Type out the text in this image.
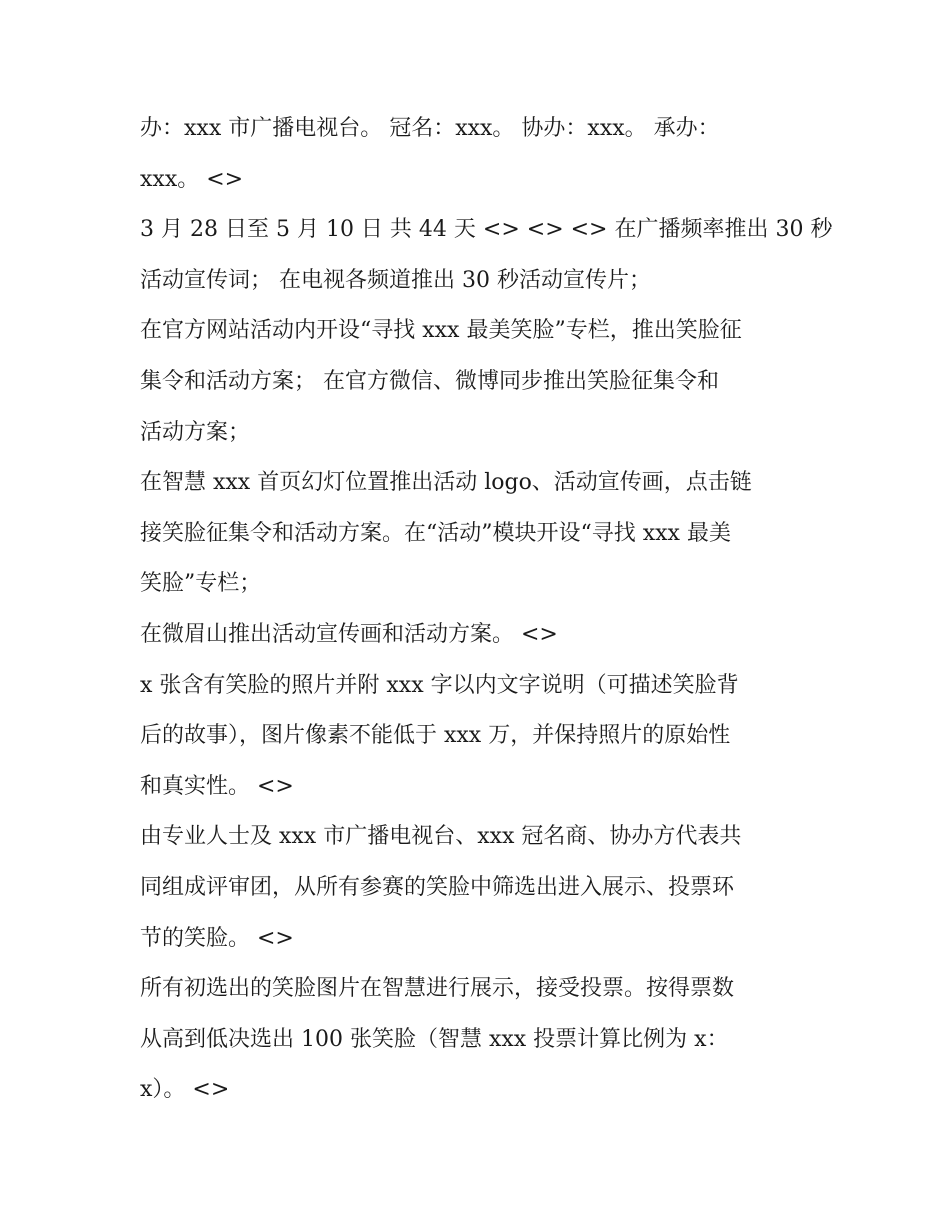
办：xxx 市广播电视台。 冠名：xxx。 协办：xxx。 承办：
xxx。 <>
3 月 28 日至 5 月 10 日 共 44 天 <> <> <> 在广播频率推出 30 秒
活动宣传词； 在电视各频道推出 30 秒活动宣传片；
在官方网站活动内开设“寻找 xxx 最美笑脸”专栏，推出笑脸征
集令和活动方案； 在官方微信、微博同步推出笑脸征集令和
活动方案；
在智慧 xxx 首页幻灯位置推出活动 logo、活动宣传画，点击链
接笑脸征集令和活动方案。在“活动”模块开设“寻找 xxx 最美
笑脸”专栏；
在微眉山推出活动宣传画和活动方案。 <>
x 张含有笑脸的照片并附 xxx 字以内文字说明（可描述笑脸背
后的故事），图片像素不能低于 xxx 万，并保持照片的原始性
和真实性。 <>
由专业人士及 xxx 市广播电视台、xxx 冠名商、协办方代表共
同组成评审团，从所有参赛的笑脸中筛选出进入展示、投票环
节的笑脸。 <>
所有初选出的笑脸图片在智慧进行展示，接受投票。按得票数
从高到低决选出 100 张笑脸（智慧 xxx 投票计算比例为 x：
x）。 <>
